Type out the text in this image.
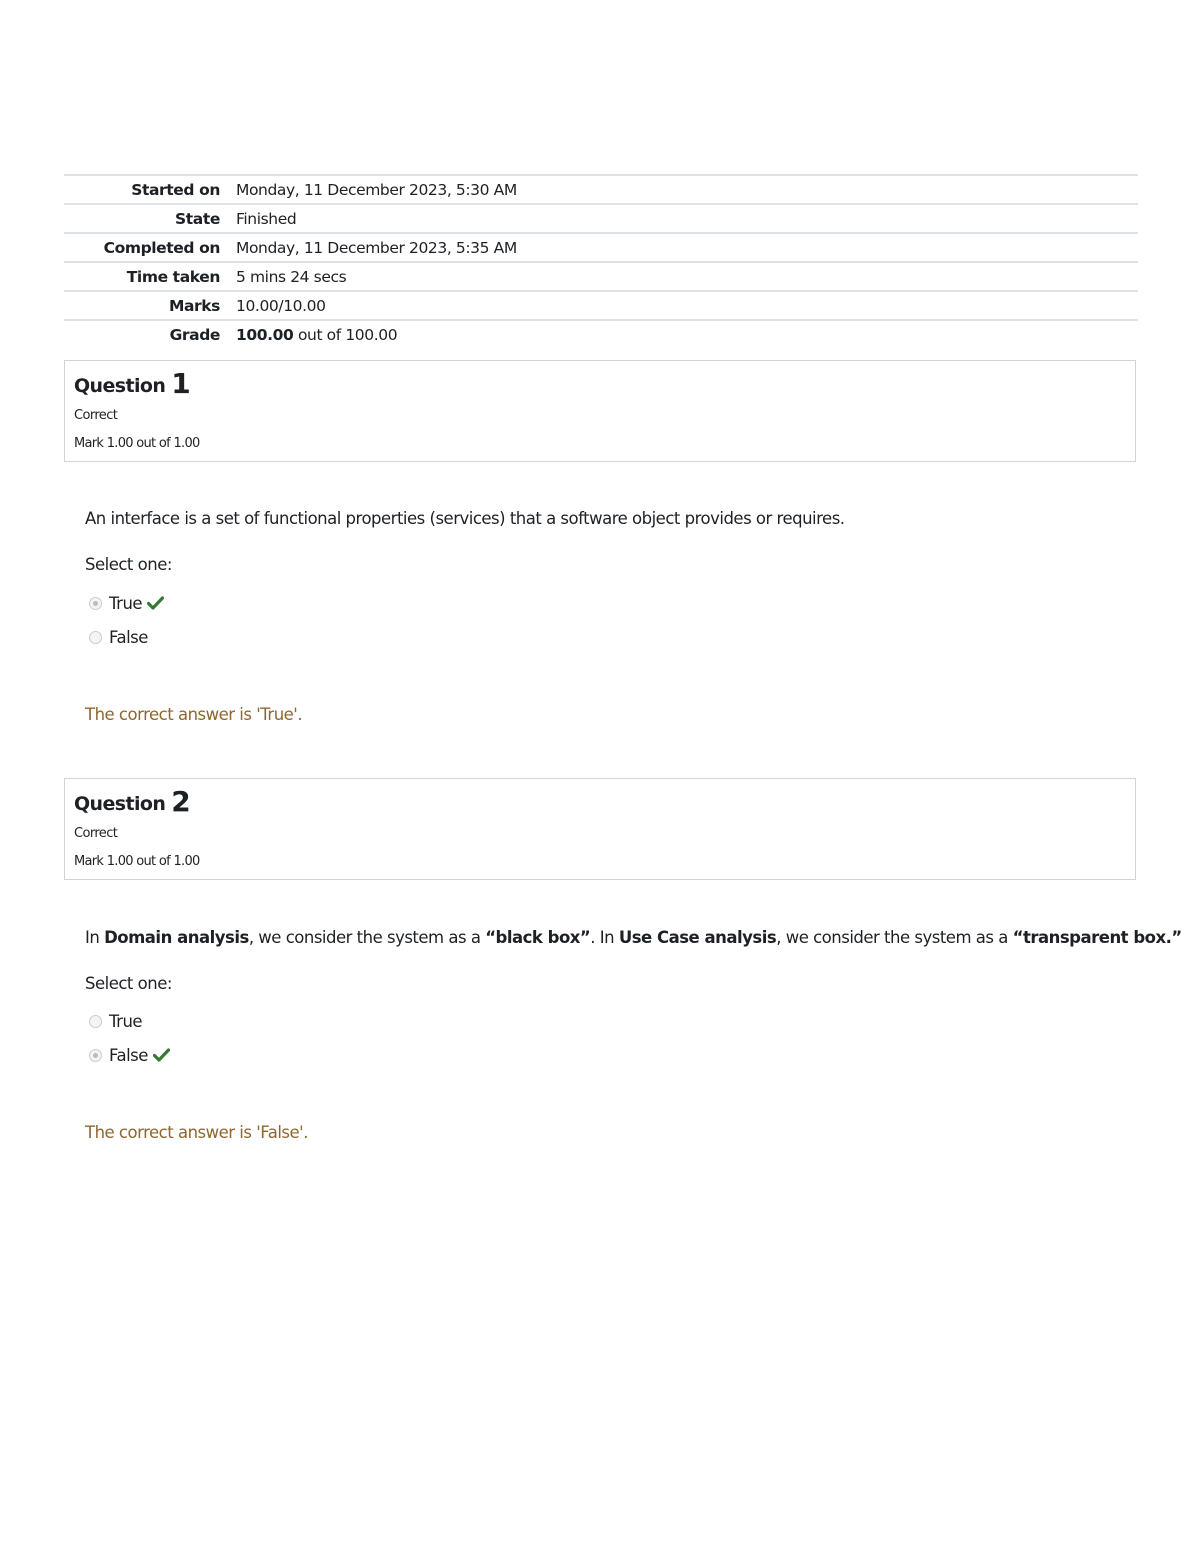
Started on	Monday, 11 December 2023, 5:30 AM
State	Finished
Completed on	Monday, 11 December 2023, 5:35 AM
Time taken	5 mins 24 secs
Marks	10.00/10.00
Grade	100.00 out of 100.00
Question 1
Correct
Mark 1.00 out of 1.00
An interface is a set of functional properties (services) that a software object provides or requires.
Select one:
True
False
The correct answer is 'True'.
Question 2
Correct
Mark 1.00 out of 1.00
In Domain analysis, we consider the system as a “black box”. In Use Case analysis, we consider the system as a “transparent box.”
Select one:
True
False
The correct answer is 'False'.
